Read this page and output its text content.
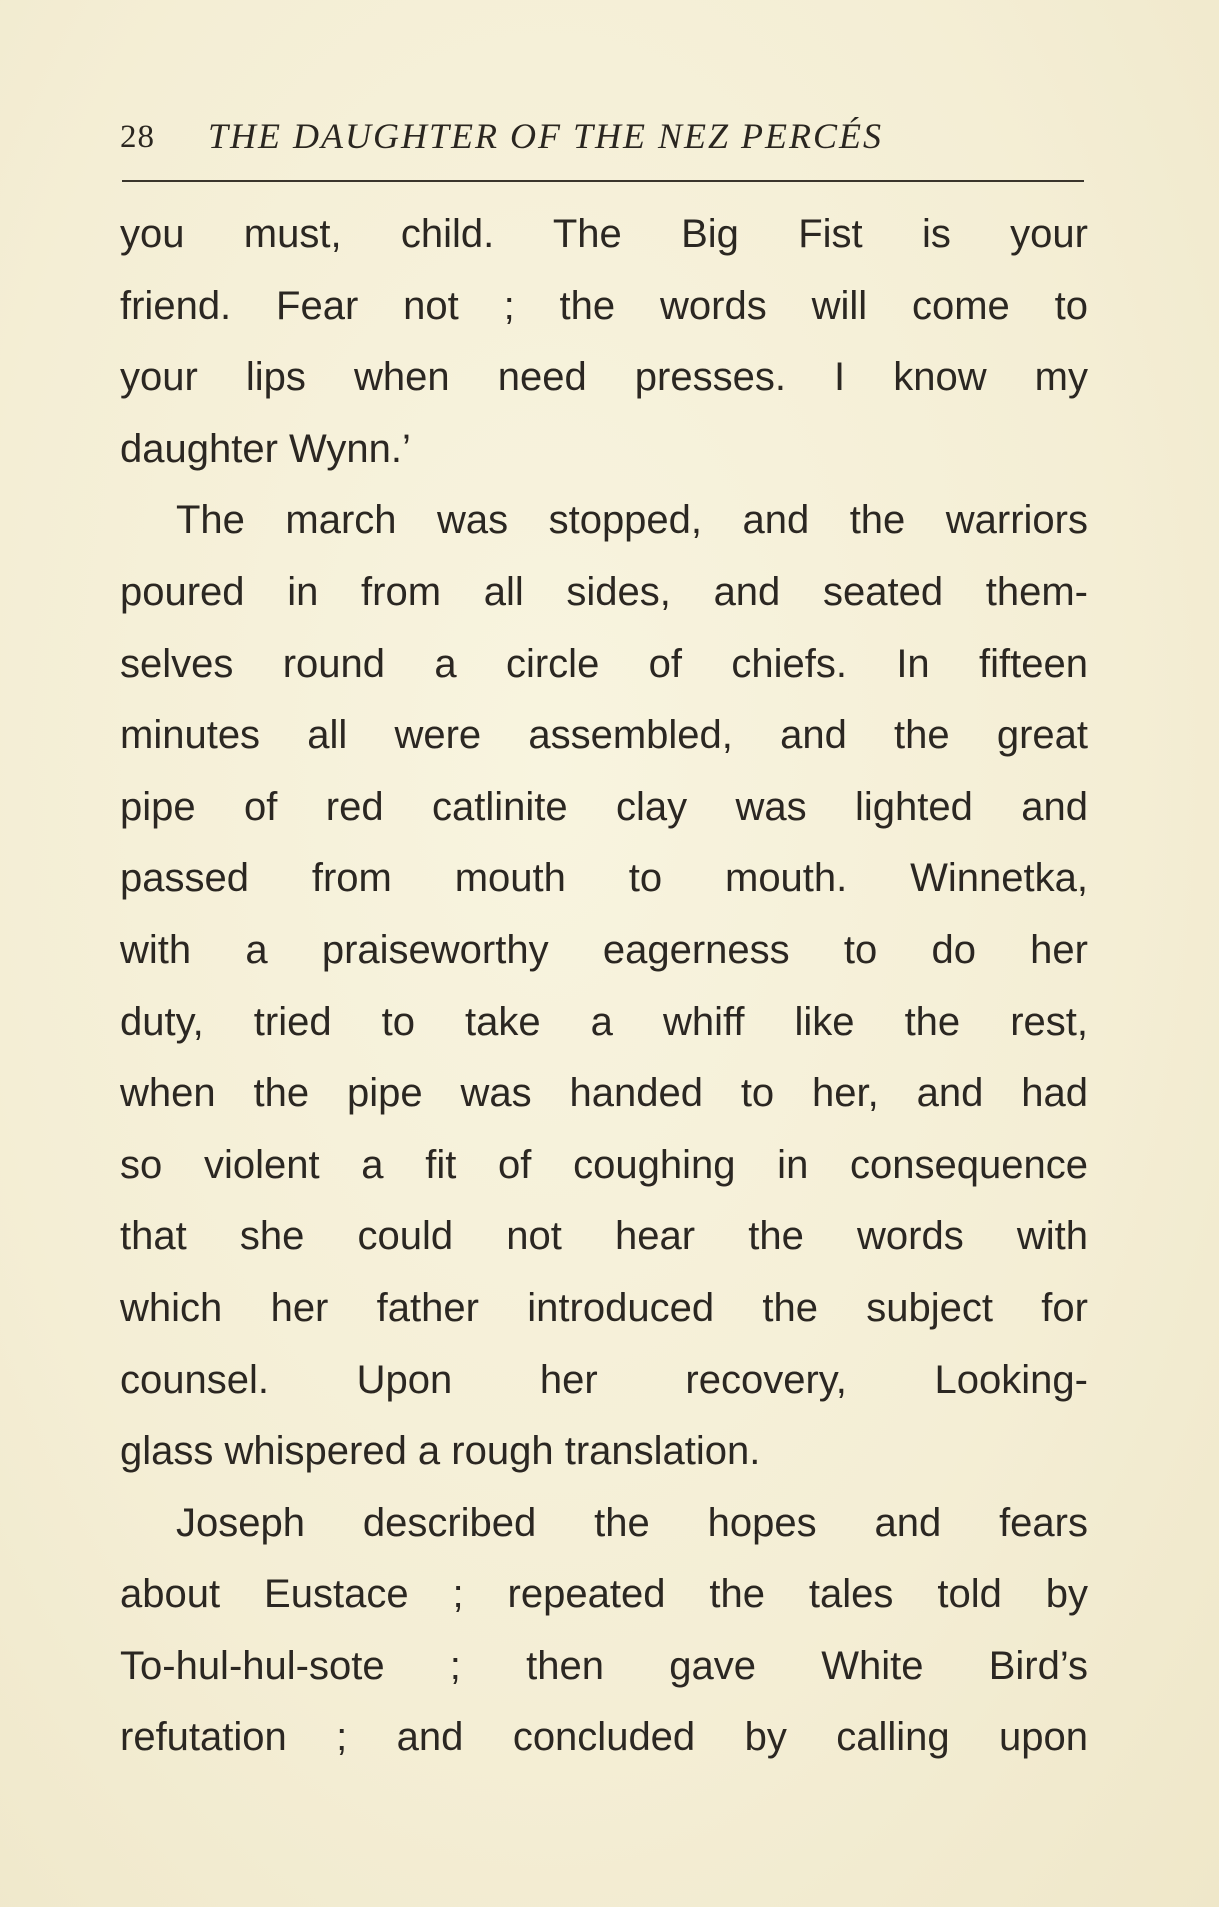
28 THE DAUGHTER OF THE NEZ PERCÉS
you must, child. The Big Fist is your
friend. Fear not ; the words will come to
your lips when need presses. I know my
daughter Wynn.’
The march was stopped, and the warriors
poured in from all sides, and seated them-
selves round a circle of chiefs. In fifteen
minutes all were assembled, and the great
pipe of red catlinite clay was lighted and
passed from mouth to mouth. Winnetka,
with a praiseworthy eagerness to do her
duty, tried to take a whiff like the rest,
when the pipe was handed to her, and had
so violent a fit of coughing in consequence
that she could not hear the words with
which her father introduced the subject for
counsel. Upon her recovery, Looking-
glass whispered a rough translation.
Joseph described the hopes and fears
about Eustace ; repeated the tales told by
To-hul-hul-sote ; then gave White Bird’s
refutation ; and concluded by calling upon
